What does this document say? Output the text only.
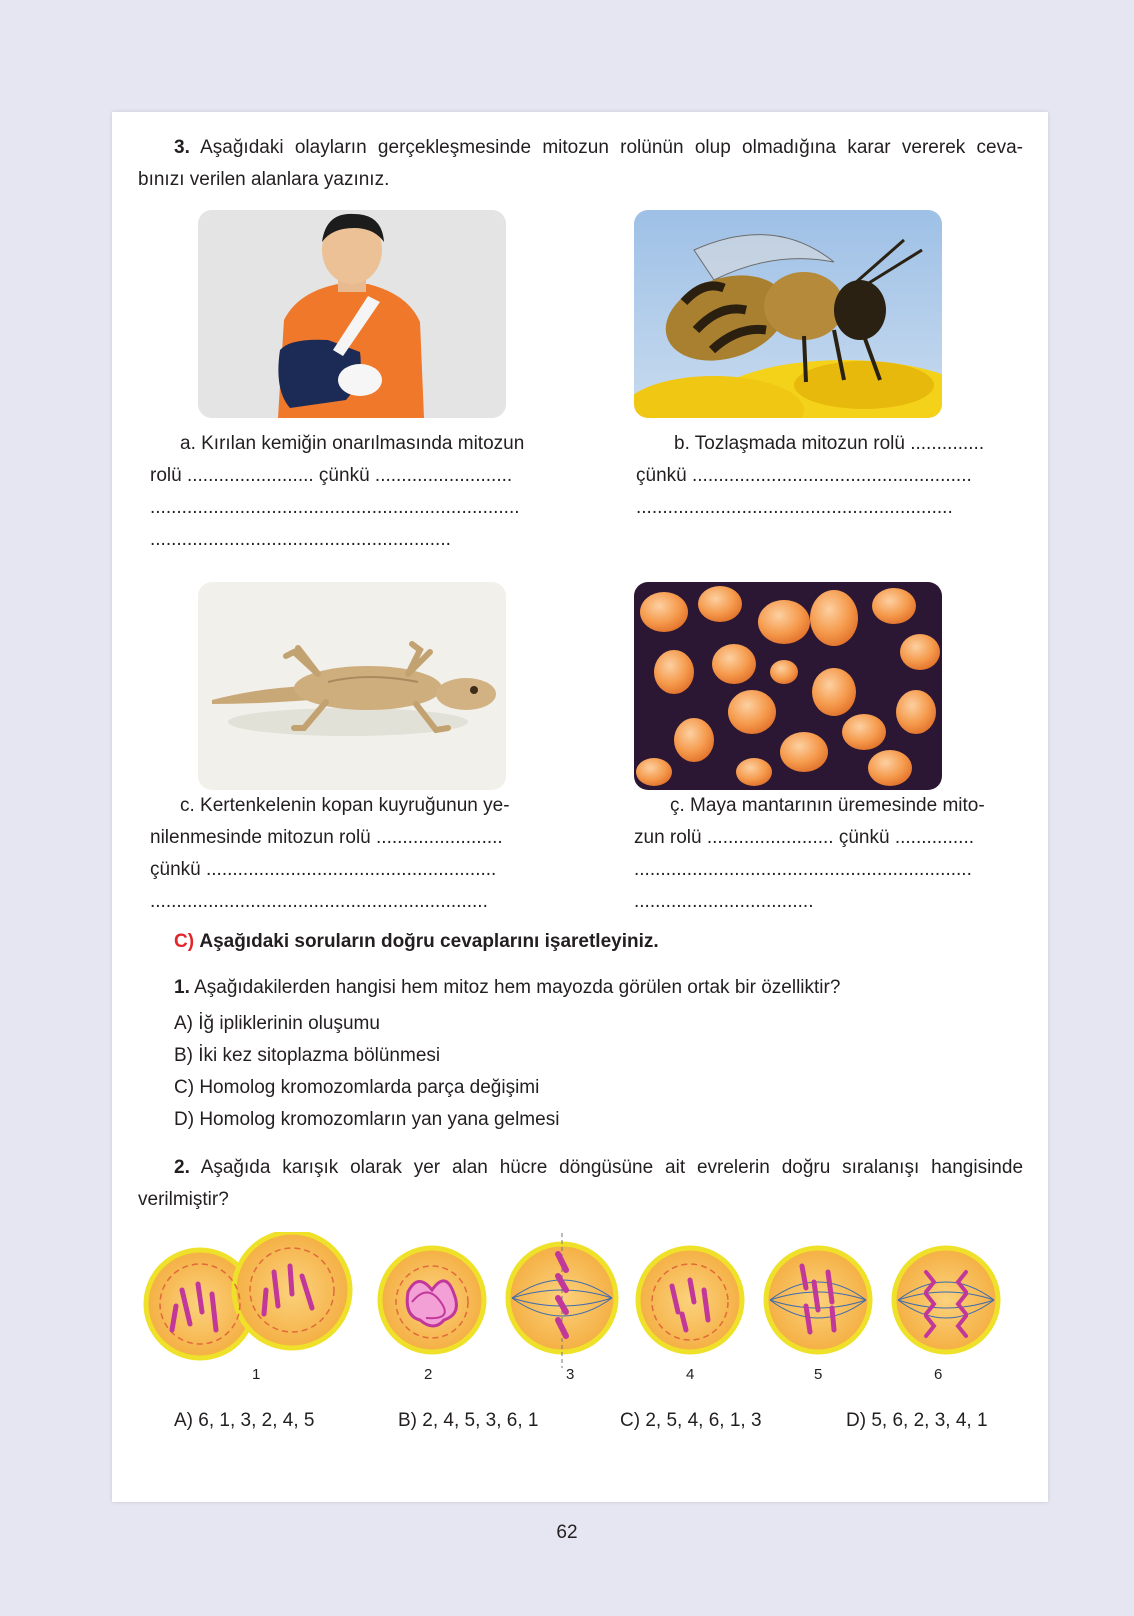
3. Aşağıdaki olayların gerçekleşmesinde mitozun rolünün olup olmadığına karar vererek ceva-
bınızı verilen alanlara yazınız.
a. Kırılan kemiğin onarılmasında mitozun
rolü ........................ çünkü ..........................
......................................................................
.........................................................
b. Tozlaşmada mitozun rolü ..............
çünkü .....................................................
............................................................
c. Kertenkelenin kopan kuyruğunun ye-
nilenmesinde mitozun rolü ........................
çünkü .......................................................
................................................................
ç. Maya mantarının üremesinde mito-
zun rolü ........................ çünkü ...............
................................................................
..................................
C) Aşağıdaki soruların doğru cevaplarını işaretleyiniz.
1. Aşağıdakilerden hangisi hem mitoz hem mayozda görülen ortak bir özelliktir?
A) İğ ipliklerinin oluşumu
B) İki kez sitoplazma bölünmesi
C) Homolog kromozomlarda parça değişimi
D) Homolog kromozomların yan yana gelmesi
2. Aşağıda karışık olarak yer alan hücre döngüsüne ait evrelerin doğru sıralanışı hangisinde
verilmiştir?
1	2	3	4	5	6
A) 6, 1, 3, 2, 4, 5	B) 2, 4, 5, 3, 6, 1	C) 2, 5, 4, 6, 1, 3	D) 5, 6, 2, 3, 4, 1
62
